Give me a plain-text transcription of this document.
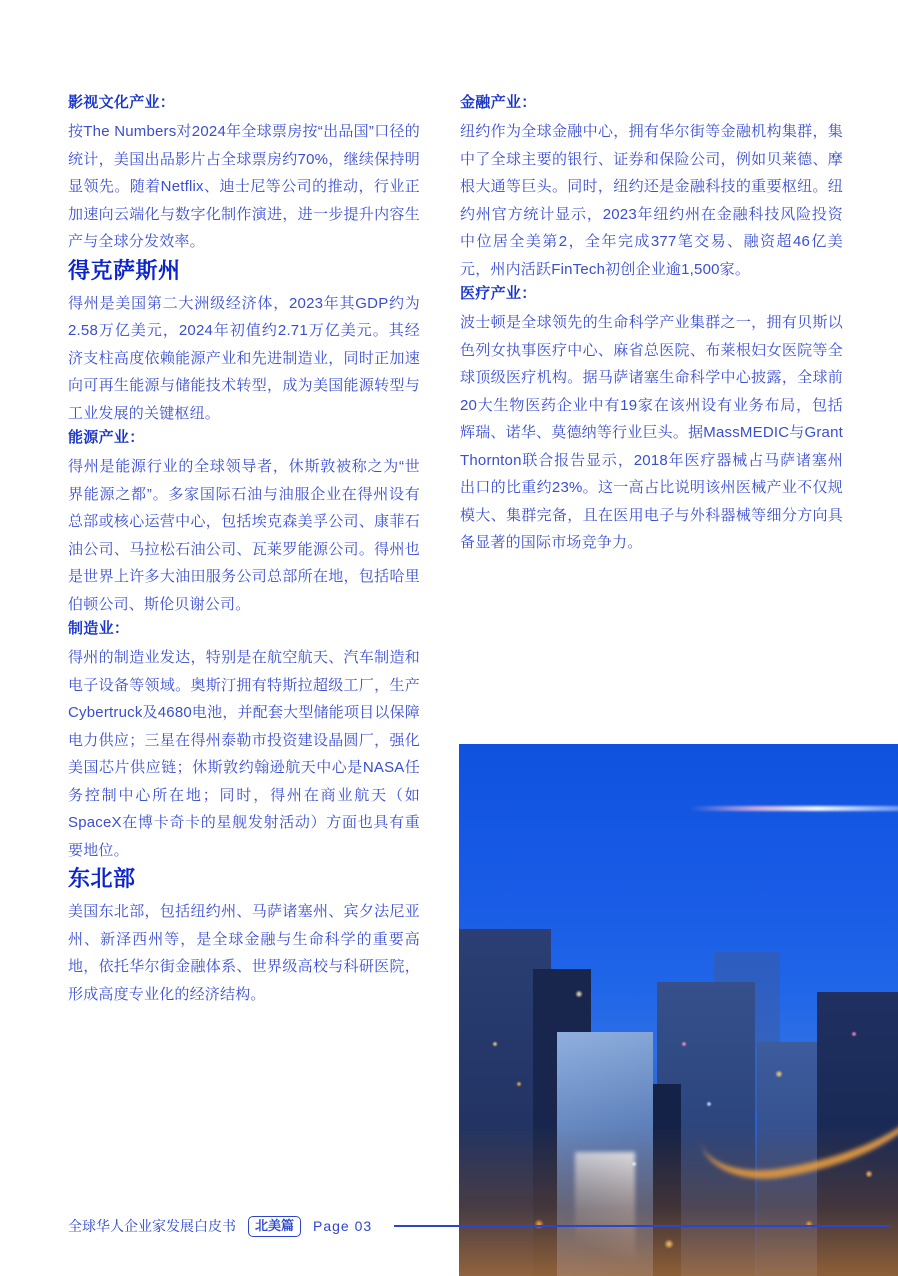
影视文化产业：

按The Numbers对2024年全球票房按“出品国”口径的统计，美国出品影片占全球票房约70%，继续保持明显领先。随着Netflix、迪士尼等公司的推动，行业正加速向云端化与数字化制作演进，进一步提升内容生产与全球分发效率。

得克萨斯州

得州是美国第二大洲级经济体，2023年其GDP约为2.58万亿美元，2024年初值约2.71万亿美元。其经济支柱高度依赖能源产业和先进制造业，同时正加速向可再生能源与储能技术转型，成为美国能源转型与工业发展的关键枢纽。

能源产业：

得州是能源行业的全球领导者，休斯敦被称之为“世界能源之都”。多家国际石油与油服企业在得州设有总部或核心运营中心，包括埃克森美孚公司、康菲石油公司、马拉松石油公司、瓦莱罗能源公司。得州也是世界上许多大油田服务公司总部所在地，包括哈里伯顿公司、斯伦贝谢公司。

制造业：

得州的制造业发达，特别是在航空航天、汽车制造和电子设备等领域。奥斯汀拥有特斯拉超级工厂，生产Cybertruck及4680电池，并配套大型储能项目以保障电力供应；三星在得州泰勒市投资建设晶圆厂，强化美国芯片供应链；休斯敦约翰逊航天中心是NASA任务控制中心所在地；同时，得州在商业航天（如SpaceX在博卡奇卡的星舰发射活动）方面也具有重要地位。

东北部

美国东北部，包括纽约州、马萨诸塞州、宾夕法尼亚州、新泽西州等，是全球金融与生命科学的重要高地，依托华尔街金融体系、世界级高校与科研医院，形成高度专业化的经济结构。

金融产业：

纽约作为全球金融中心，拥有华尔街等金融机构集群，集中了全球主要的银行、证券和保险公司，例如贝莱德、摩根大通等巨头。同时，纽约还是金融科技的重要枢纽。纽约州官方统计显示，2023年纽约州在金融科技风险投资中位居全美第2，全年完成377笔交易、融资超46亿美元，州内活跃FinTech初创企业逾1,500家。

医疗产业：

波士顿是全球领先的生命科学产业集群之一，拥有贝斯以色列女执事医疗中心、麻省总医院、布莱根妇女医院等全球顶级医疗机构。据马萨诸塞生命科学中心披露，全球前20大生物医药企业中有19家在该州设有业务布局，包括辉瑞、诺华、莫德纳等行业巨头。据MassMEDIC与Grant Thornton联合报告显示，2018年医疗器械占马萨诸塞州出口的比重约23%。这一高占比说明该州医械产业不仅规模大、集群完备，且在医用电子与外科器械等细分方向具备显著的国际市场竞争力。

全球华人企业家发展白皮书	北美篇	Page 03
